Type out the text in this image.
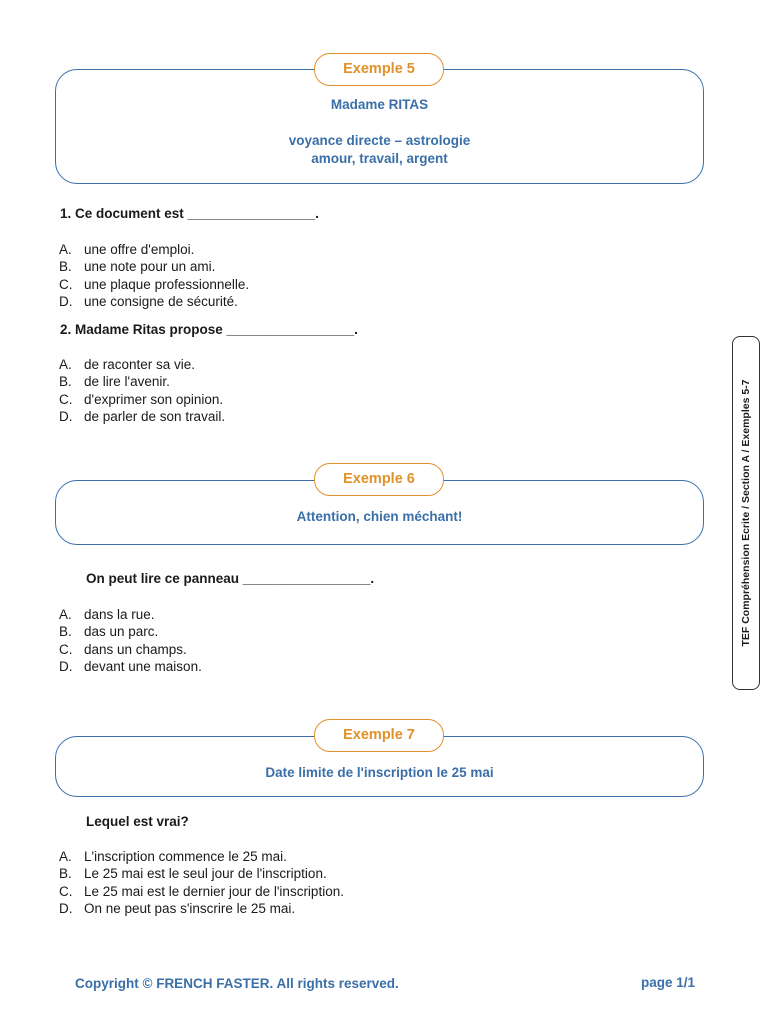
Exemple 5
Madame RITAS
voyance directe – astrologie
amour, travail, argent
1. Ce document est _________________.
A. une offre d'emploi.
B. une note pour un ami.
C. une plaque professionnelle.
D. une consigne de sécurité.
2. Madame Ritas propose _________________.
A. de raconter sa vie.
B. de lire l'avenir.
C. d'exprimer son opinion.
D. de parler de son travail.
Exemple 6
Attention, chien méchant!
On peut lire ce panneau _________________.
A. dans la rue.
B. das un parc.
C. dans un champs.
D. devant une maison.
Exemple 7
Date limite de l'inscription le 25 mai
Lequel est vrai?
A. L'inscription commence le 25 mai.
B. Le 25 mai est le seul jour de l'inscription.
C. Le 25 mai est le dernier jour de l'inscription.
D. On ne peut pas s'inscrire le 25 mai.
TEF Compréhension Ecrite / Section A / Exemples 5-7
Copyright © FRENCH FASTER. All rights reserved.	page 1/1
